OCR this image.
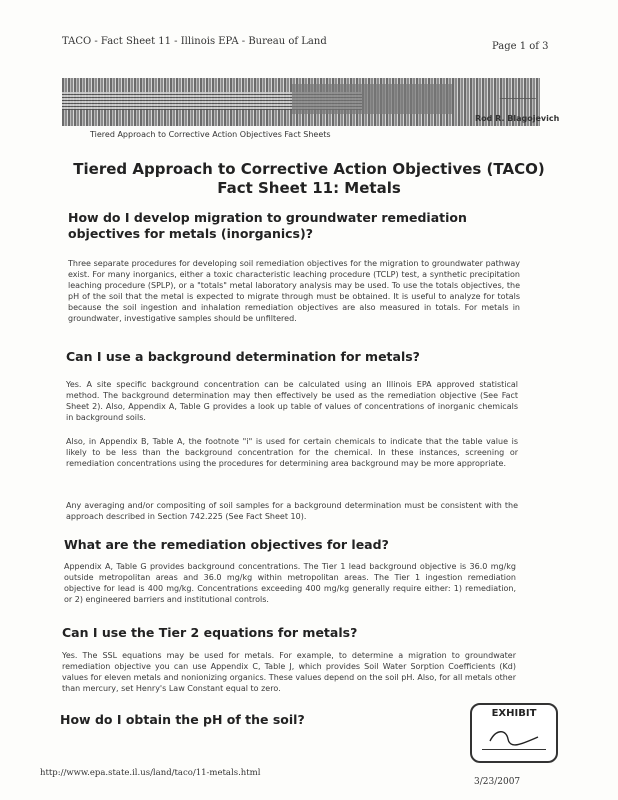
TACO - Fact Sheet 11 - Illinois EPA - Bureau of Land	Page 1 of 3
Rod R. Blagojevich
Tiered Approach to Corrective Action Objectives Fact Sheets
Tiered Approach to Corrective Action Objectives (TACO)
Fact Sheet 11: Metals
How do I develop migration to groundwater remediation objectives for metals (inorganics)?
Three separate procedures for developing soil remediation objectives for the migration to groundwater pathway exist. For many inorganics, either a toxic characteristic leaching procedure (TCLP) test, a synthetic precipitation leaching procedure (SPLP), or a "totals" metal laboratory analysis may be used. To use the totals objectives, the pH of the soil that the metal is expected to migrate through must be obtained. It is useful to analyze for totals because the soil ingestion and inhalation remediation objectives are also measured in totals. For metals in groundwater, investigative samples should be unfiltered.
Can I use a background determination for metals?
Yes. A site specific background concentration can be calculated using an Illinois EPA approved statistical method. The background determination may then effectively be used as the remediation objective (See Fact Sheet 2). Also, Appendix A, Table G provides a look up table of values of concentrations of inorganic chemicals in background soils.
Also, in Appendix B, Table A, the footnote "i" is used for certain chemicals to indicate that the table value is likely to be less than the background concentration for the chemical. In these instances, screening or remediation concentrations using the procedures for determining area background may be more appropriate.
Any averaging and/or compositing of soil samples for a background determination must be consistent with the approach described in Section 742.225 (See Fact Sheet 10).
What are the remediation objectives for lead?
Appendix A, Table G provides background concentrations. The Tier 1 lead background objective is 36.0 mg/kg outside metropolitan areas and 36.0 mg/kg within metropolitan areas. The Tier 1 ingestion remediation objective for lead is 400 mg/kg. Concentrations exceeding 400 mg/kg generally require either: 1) remediation, or 2) engineered barriers and institutional controls.
Can I use the Tier 2 equations for metals?
Yes. The SSL equations may be used for metals. For example, to determine a migration to groundwater remediation objective you can use Appendix C, Table J, which provides Soil Water Sorption Coefficients (Kd) values for eleven metals and nonionizing organics. These values depend on the soil pH. Also, for all metals other than mercury, set Henry's Law Constant equal to zero.
How do I obtain the pH of the soil?	EXHIBIT
http://www.epa.state.il.us/land/taco/11-metals.html
3/23/2007
